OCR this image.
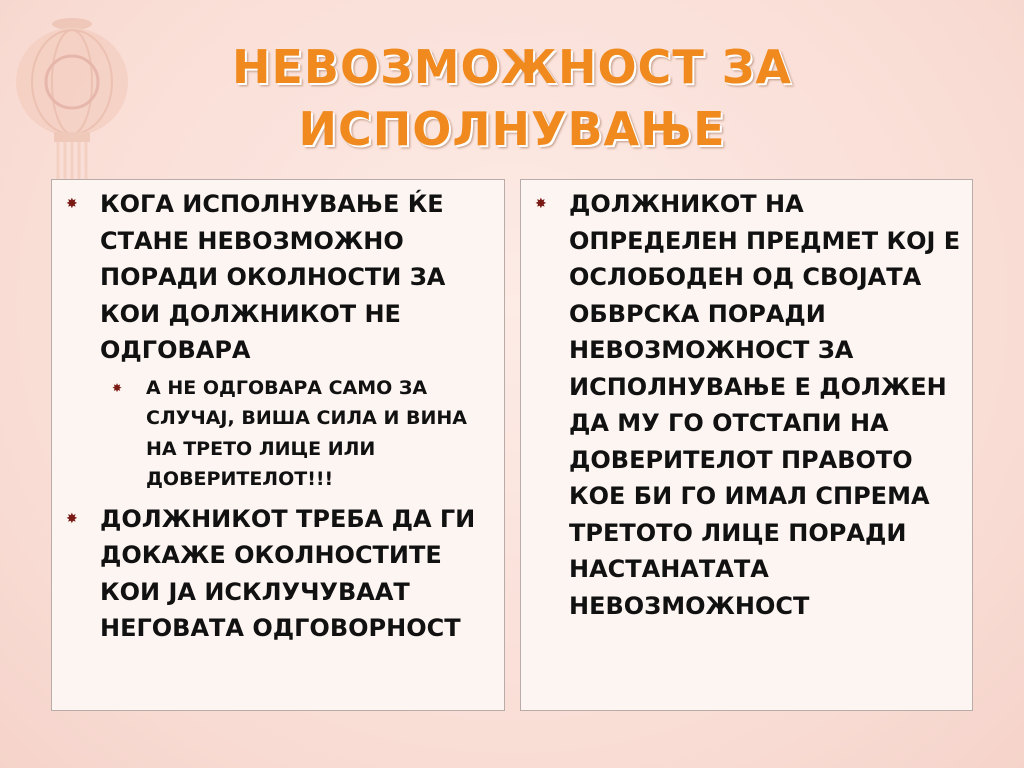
НЕВОЗМОЖНОСТ ЗА
ИСПОЛНУВАЊЕ
✸ КОГА ИСПОЛНУВАЊЕ ЌЕ СТАНЕ НЕВОЗМОЖНО ПОРАДИ ОКОЛНОСТИ ЗА КОИ ДОЛЖНИКОТ НЕ ОДГОВАРА
✸ А НЕ ОДГОВАРА САМО ЗА СЛУЧАЈ, ВИША СИЛА И ВИНА НА ТРЕТО ЛИЦЕ ИЛИ ДОВЕРИТЕЛОТ!!!
✸ ДОЛЖНИКОТ ТРЕБА ДА ГИ ДОКАЖЕ ОКОЛНОСТИТЕ КОИ ЈА ИСКЛУЧУВААТ НЕГОВАТА ОДГОВОРНОСТ
✸ ДОЛЖНИКОТ НА ОПРЕДЕЛЕН ПРЕДМЕТ КОЈ Е ОСЛОБОДЕН ОД СВОЈАТА ОБВРСКА ПОРАДИ НЕВОЗМОЖНОСТ ЗА ИСПОЛНУВАЊЕ Е ДОЛЖЕН ДА МУ ГО ОТСТАПИ НА ДОВЕРИТЕЛОТ ПРАВОТО КОЕ БИ ГО ИМАЛ СПРЕМА ТРЕТОТО ЛИЦЕ ПОРАДИ НАСТАНАТАТА НЕВОЗМОЖНОСТ
